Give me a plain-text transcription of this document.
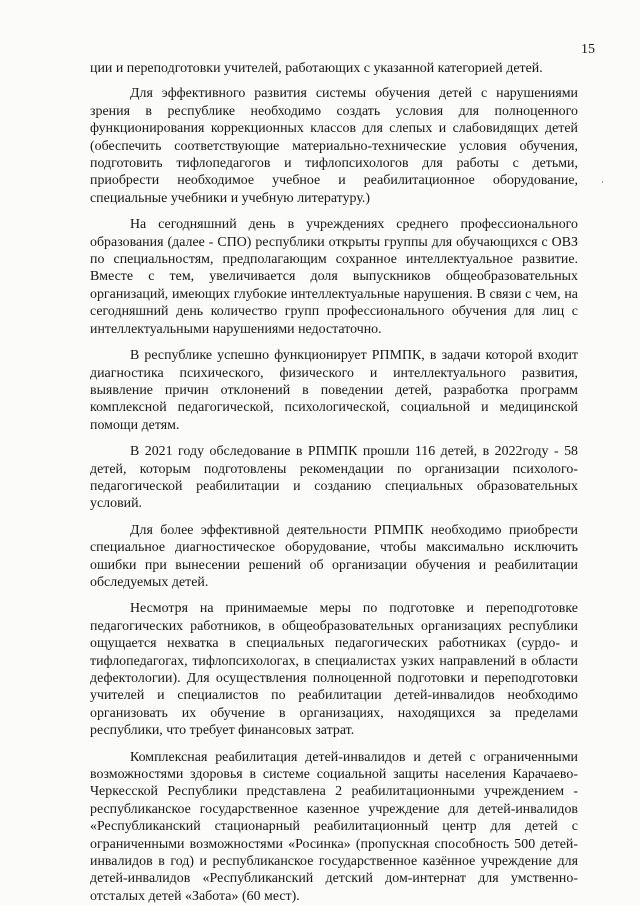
15

ции и переподготовки учителей, работающих с указанной категорией детей.

Для эффективного развития системы обучения детей с нарушениями зрения в республике необходимо создать условия для полноценного функционирования коррекционных классов для слепых и слабовидящих детей (обеспечить соответствующие материально-технические условия обучения, подготовить тифлопедагогов и тифлопсихологов для работы с детьми, приобрести необходимое учебное и реабилитационное оборудование, специальные учебники и учебную литературу.)

На сегодняшний день в учреждениях среднего профессионального образования (далее - СПО) республики открыты группы для обучающихся с ОВЗ по специальностям, предполагающим сохранное интеллектуальное развитие. Вместе с тем, увеличивается доля выпускников общеобразовательных организаций, имеющих глубокие интеллектуальные нарушения. В связи с чем, на сегодняшний день количество групп профессионального обучения для лиц с интеллектуальными нарушениями недостаточно.

В республике успешно функционирует РПМПК, в задачи которой входит диагностика психического, физического и интеллектуального развития, выявление причин отклонений в поведении детей, разработка программ комплексной педагогической, психологической, социальной и медицинской помощи детям.

В 2021 году обследование в РПМПК прошли 116 детей, в 2022году - 58 детей, которым подготовлены рекомендации по организации психолого-педагогической реабилитации и созданию специальных образовательных условий.

Для более эффективной деятельности РПМПК необходимо приобрести специальное диагностическое оборудование, чтобы максимально исключить ошибки при вынесении решений об организации обучения и реабилитации обследуемых детей.

Несмотря на принимаемые меры по подготовке и переподготовке педагогических работников, в общеобразовательных организациях республики ощущается нехватка в специальных педагогических работниках (сурдо- и тифлопедагогах, тифлопсихологах, в специалистах узких направлений в области дефектологии). Для осуществления полноценной подготовки и переподготовки учителей и специалистов по реабилитации детей-инвалидов необходимо организовать их обучение в организациях, находящихся за пределами республики, что требует финансовых затрат.

Комплексная реабилитация детей-инвалидов и детей с ограниченными возможностями здоровья в системе социальной защиты населения Карачаево-Черкесской Республики представлена 2 реабилитационными учреждением - республиканское государственное казенное учреждение для детей-инвалидов «Республиканский стационарный реабилитационный центр для детей с ограниченными возможностями «Росинка» (пропускная способность 500 детей-инвалидов в год) и республиканское государственное казённое учреждение для детей-инвалидов «Республиканский детский дом-интернат для умственно-отсталых детей «Забота» (60 мест).
